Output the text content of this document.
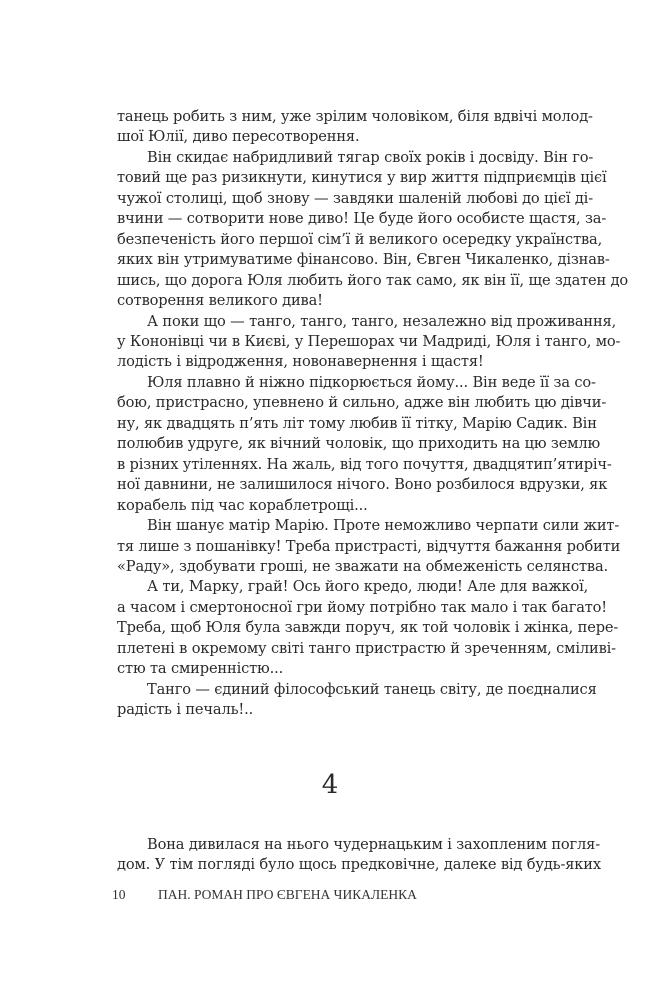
танець робить з ним, уже зрілим чоловіком, біля вдвічі молод-
шої Юлії, диво пересотворення.
Він скидає набридливий тягар своїх років і досвіду. Він го-
товий ще раз ризикнути, кинутися у вир життя підприємців цієї
чужої столиці, щоб знову — завдяки шаленій любові до цієї ді-
вчини — сотворити нове диво! Це буде його особисте щастя, за-
безпеченість його першої сім’ї й великого осередку українства,
яких він утримуватиме фінансово. Він, Євген Чикаленко, дізнав-
шись, що дорога Юля любить його так само, як він її, ще здатен до
сотворення великого дива!
А поки що — танго, танго, танго, незалежно від проживання,
у Кононівці чи в Києві, у Перешорах чи Мадриді, Юля і танго, мо-
лодість і відродження, новонавернення і щастя!
Юля плавно й ніжно підкорюється йому... Він веде її за со-
бою, пристрасно, упевнено й сильно, адже він любить цю дівчи-
ну, як двадцять п’ять літ тому любив її тітку, Марію Садик. Він
полюбив удруге, як вічний чоловік, що приходить на цю землю
в різних утіленнях. На жаль, від того почуття, двадцятип’ятиріч-
ної давнини, не залишилося нічого. Воно розбилося вдрузки, як
корабель під час кораблетрощі...
Він шанує матір Марію. Проте неможливо черпати сили жит-
тя лише з пошанівку! Треба пристрасті, відчуття бажання робити
«Раду», здобувати гроші, не зважати на обмеженість селянства.
А ти, Марку, грай! Ось його кредо, люди! Але для важкої,
а часом і смертоносної гри йому потрібно так мало і так багато!
Треба, щоб Юля була завжди поруч, як той чоловік і жінка, пере-
плетені в окремому світі танго пристрастю й зреченням, сміливі-
стю та смиренністю...
Танго — єдиний філософський танець світу, де поєдналися
радість і печаль!..
4
Вона дивилася на нього чудернацьким і захопленим погля-
дом. У тім погляді було щось предковічне, далеке від будь-яких
10 ПАН. РОМАН ПРО ЄВГЕНА ЧИКАЛЕНКА
